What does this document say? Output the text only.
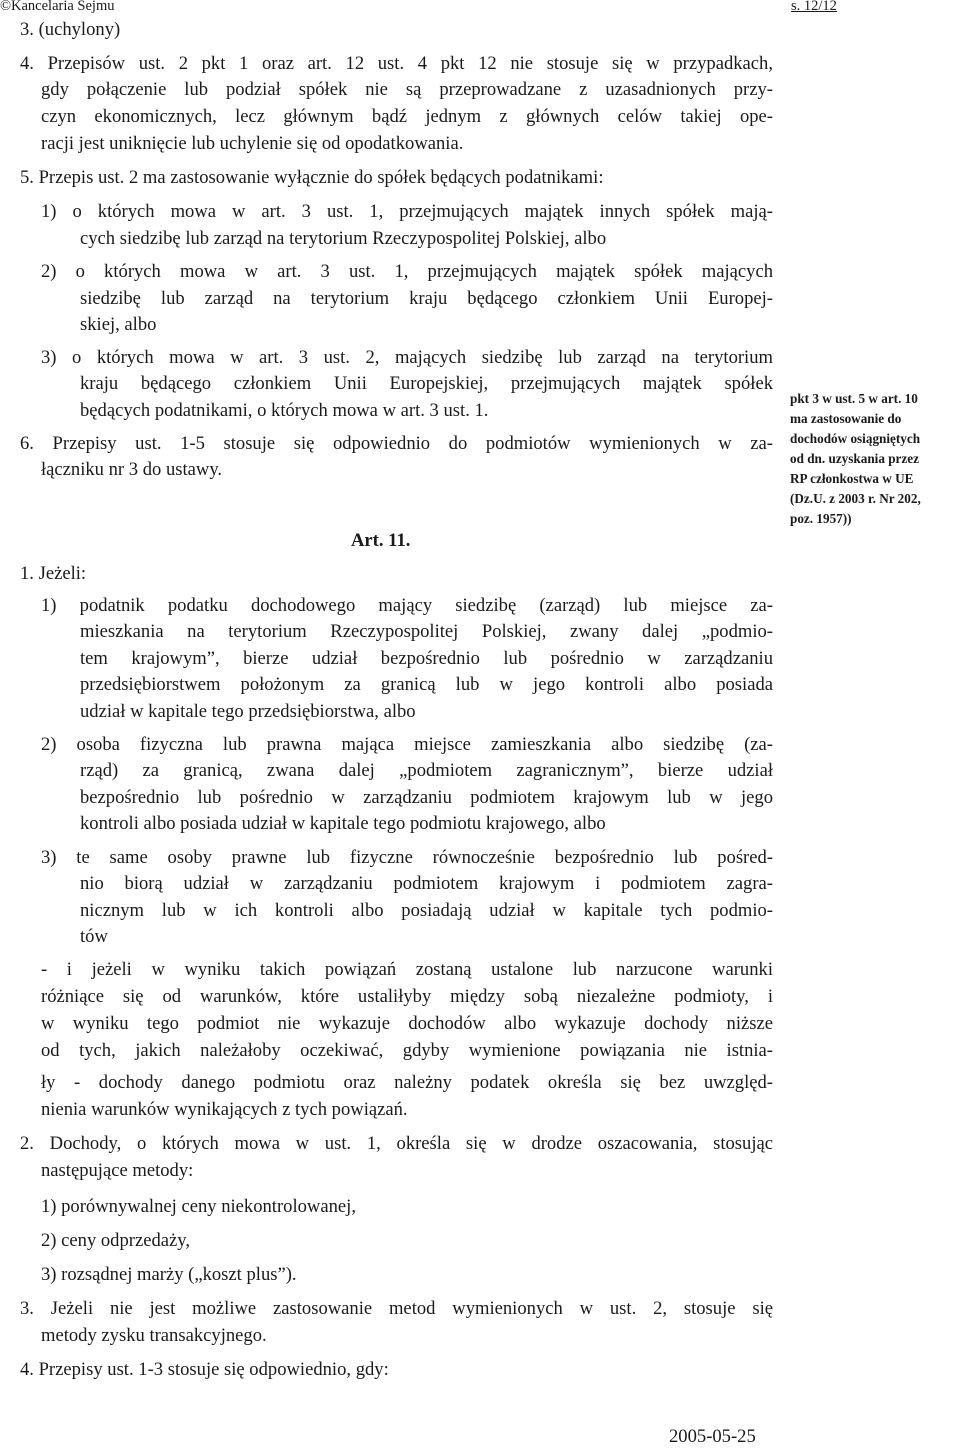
©Kancelaria Sejmu	s. 12/12
3. (uchylony)
4. Przepisów ust. 2 pkt 1 oraz art. 12 ust. 4 pkt 12 nie stosuje się w przypadkach,
gdy połączenie lub podział spółek nie są przeprowadzane z uzasadnionych przy-
czyn ekonomicznych, lecz głównym bądź jednym z głównych celów takiej ope-
racji jest uniknięcie lub uchylenie się od opodatkowania.
5. Przepis ust. 2 ma zastosowanie wyłącznie do spółek będących podatnikami:
1) o których mowa w art. 3 ust. 1, przejmujących majątek innych spółek mają-
cych siedzibę lub zarząd na terytorium Rzeczypospolitej Polskiej, albo
2) o których mowa w art. 3 ust. 1, przejmujących majątek spółek mających
siedzibę lub zarząd na terytorium kraju będącego członkiem Unii Europej-
skiej, albo
3) o których mowa w art. 3 ust. 2, mających siedzibę lub zarząd na terytorium
kraju będącego członkiem Unii Europejskiej, przejmujących majątek spółek
będących podatnikami, o których mowa w art. 3 ust. 1.
6. Przepisy ust. 1-5 stosuje się odpowiednio do podmiotów wymienionych w za-
łączniku nr 3 do ustawy.
pkt 3 w ust. 5 w art. 10
ma zastosowanie do
dochodów osiągniętych
od dn. uzyskania przez
RP członkostwa w UE
(Dz.U. z 2003 r. Nr 202,
poz. 1957))
Art. 11.
1. Jeżeli:
1) podatnik podatku dochodowego mający siedzibę (zarząd) lub miejsce za-
mieszkania na terytorium Rzeczypospolitej Polskiej, zwany dalej „podmio-
tem krajowym”, bierze udział bezpośrednio lub pośrednio w zarządzaniu
przedsiębiorstwem położonym za granicą lub w jego kontroli albo posiada
udział w kapitale tego przedsiębiorstwa, albo
2) osoba fizyczna lub prawna mająca miejsce zamieszkania albo siedzibę (za-
rząd) za granicą, zwana dalej „podmiotem zagranicznym”, bierze udział
bezpośrednio lub pośrednio w zarządzaniu podmiotem krajowym lub w jego
kontroli albo posiada udział w kapitale tego podmiotu krajowego, albo
3) te same osoby prawne lub fizyczne równocześnie bezpośrednio lub pośred-
nio biorą udział w zarządzaniu podmiotem krajowym i podmiotem zagra-
nicznym lub w ich kontroli albo posiadają udział w kapitale tych podmio-
tów
- i jeżeli w wyniku takich powiązań zostaną ustalone lub narzucone warunki
różniące się od warunków, które ustaliłyby między sobą niezależne podmioty, i
w wyniku tego podmiot nie wykazuje dochodów albo wykazuje dochody niższe
od tych, jakich należałoby oczekiwać, gdyby wymienione powiązania nie istnia-
ły - dochody danego podmiotu oraz należny podatek określa się bez uwzględ-
nienia warunków wynikających z tych powiązań.
2. Dochody, o których mowa w ust. 1, określa się w drodze oszacowania, stosując
następujące metody:
1) porównywalnej ceny niekontrolowanej,
2) ceny odprzedaży,
3) rozsądnej marży („koszt plus”).
3. Jeżeli nie jest możliwe zastosowanie metod wymienionych w ust. 2, stosuje się
metody zysku transakcyjnego.
4. Przepisy ust. 1-3 stosuje się odpowiednio, gdy:
2005-05-25
